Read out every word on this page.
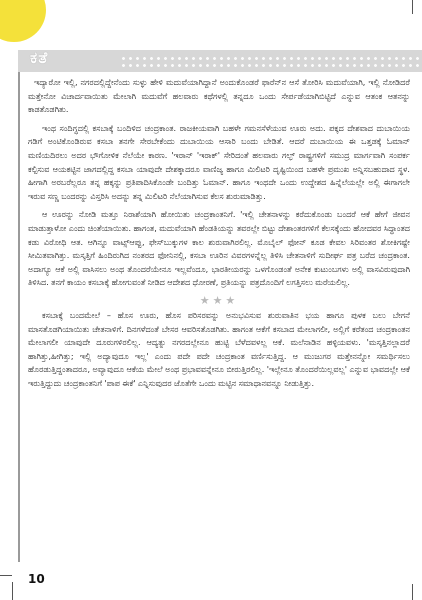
ಕತೆ

ಇದ್ಯಾರೋ ಇಲ್ಲಿ, ನಗರದಲ್ಲಿದ್ದೇನೆಂದು ಸುಳ್ಳು ಹೇಳಿ ಮದುವೆಯಾಗಿದ್ದಾನೆ ಅಂದುಕೊಂಡರೆ ಫಾರೆನ್‌ನ ಆಸೆ ತೋರಿಸಿ ಮದುವೆಯಾಗಿ, ಇಲ್ಲಿ ನೋಡಿದರೆ ಮತ್ತೇನೋ ವಿಚಾರ್ದವಾಯಿತು ಮೇಲಾಗಿ ಮದುವೆಗೆ ಹಲವಾರು ಕಥೆಗಳಲ್ಲಿ ತನ್ನದೂ ಒಂದು ಸೇರ್ಪಡೆಯಾಗಿಬಿಟ್ಟಿದೆ ಎನ್ನುವ ಆತಂಕ ಆತನನ್ನು ಕಾಡತೊಡಗಿತು.

ಇಂಥ ಸಂದಿಗ್ಧದಲ್ಲಿ ಕಸಬಾಕ್ಕೆ ಬಂದಿಳಿದ ಚಂದ್ರಕಾಂತ. ರಾಜಕೀಯವಾಗಿ ಬಹಳೇ ಗಮನಸೆಳೆಯುವ ಊರು ಅದು. ಪಕ್ಕದ ದೇಶವಾದ ದುಬಾಯಿಯ ಗಡಿಗೆ ಅಂಟಿಕೊಂಡಿರುವ ಕಸಬಾ ತನಗೇ ಸೇರಬೇಕೆಂದು ದುಬಾಯಿಯ ಆಸಾರಿ ಬಂದು ಬೇಡಿತೆ. ಆದರೆ ದುಬಾಯಿಯ ಈ ಒತ್ತಡಕ್ಕೆ ಓಮಾನ್ ಮಣಿಯದಿರಲು ಅದರ ಭೌಗೋಳಿಕ ನೆಲೆಯೇ ಕಾರಣ. 'ಇರಾನ್ 'ಇರಾಕ್' ಸೇರಿದಂತೆ ಹಲವಾರು ಗಲ್ಫ್ ರಾಷ್ಟ್ರಗಳಿಗೆ ಸಮುದ್ರ ಮಾರ್ಗವಾಗಿ ಸಂಪರ್ಕ ಕಲ್ಪಿಸುವ ಆಯಕಟ್ಟಿನ ಜಾಗದಲ್ಲಿದ್ದ ಕಸಬಾ ಯಾವುದೇ ದೇಶಕ್ಕಾದರೂ ವಾಣಿಜ್ಯ ಹಾಗೂ ಮಿಲಿಟರಿ ದೃಷ್ಟಿಯಿಂದ ಬಹಳೇ ಪ್ರಮುಖ ಅನ್ನಿಸಬಹುದಾದ ಸ್ಥಳ. ಹೀಗಾಗಿ ಅರಬರೆಲ್ಲರೂ ತನ್ನ ಹಕ್ಕನ್ನು ಪ್ರತಿಪಾದಿಸಿಕೊಂಡೇ ಬಂದಿತ್ತು ಓಮಾನ್. ಹಾಗೂ ಇಂಥದೇ ಒಂದು ಉದ್ದೇಶದ ಹಿನ್ನೆಲೆಯಲ್ಲೇ ಅಲ್ಲಿ ಈಗಾಗಲೇ ಇರುವ ಸಣ್ಣ ಬಂದರನ್ನು ವಿಸ್ತರಿಸಿ ಅದನ್ನು ತನ್ನ ಮಿಲಿಟರಿ ನೆಲೆಯಾಗಿಸುವ ಕೆಲಸ ಶುರುಮಾಡಿತ್ತು.

ಆ ಊರನ್ನು ನೋಡಿ ಮತ್ತೂ ನಿರಾಶೆಯಾಗಿ ಹೋಯಿತು ಚಂದ್ರಕಾಂತನಿಗೆ. 'ಇಲ್ಲಿ ಚೇತನಾಳನ್ನು ಕರೆದುಕೊಂಡು ಬಂದರೆ ಆಕೆ ಹೇಗೆ ಜೀವನ ಮಾಡುತ್ತಾಳೋ ಎಂದು ಚಿಂತೆಯಾಯಿತು. ಹಾಗಂತ, ಮದುವೆಯಾಗಿ ಹೆಂಡತಿಯನ್ನು ತವರಲ್ಲೇ ಬಿಟ್ಟು ದೇಶಾಂತರಗಳಿಗೆ ಕೆಲಸಕ್ಕೆಂದು ಹೋದವರ ಸಿದ್ಧಾಂತದ ಕಡು ವಿರೋಧಿ ಆತ. ಆಗಿನ್ನೂ ವಾಟ್ಸ್‌ಆಪ್ಪು, ಫೇಸ್‌ಬುಕ್ಕುಗಳ ಕಾಲ ಶುರುವಾಗಿರಲಿಲ್ಲ. ಮೊಬೈಲ್ ಫೋನ್ ಕೂಡ ಕೇವಲ ಸಿರಿವಂತರ ಶೋಕಿಗಷ್ಟೇ ಸೀಮಿತವಾಗಿತ್ತು. ಮಸ್ಕತ್ತಿಗೆ ಹಿಂದಿರುಗಿದ ನಂತರದ ಫೋನಿನಲ್ಲಿ, ಕಸಬಾ ಊರಿನ ವಿವರಗಳನ್ನೆಲ್ಲ ತಿಳಿಸಿ ಚೇತನಾಳಿಗೆ ಸುದೀರ್ಘ ಪತ್ರ ಬರೆದ ಚಂದ್ರಕಾಂತ. ಅದಾಗ್ಯೂ ಆಕೆ ಅಲ್ಲಿ ವಾಸಿಸಲು ಅಂಥ ತೊಂದರೆಯೇನೂ ಇಲ್ಲವೆಂದೂ, ಭಾರತೀಯರನ್ನು ಒಳಗೊಂಡಂತೆ ಅನೇಕ ಕುಟುಂಬಗಳು ಅಲ್ಲಿ ವಾಸವಿರುವುದಾಗಿ ತಿಳಿಸಿದ. ತನಗೆ ಕಾಯಂ ಕಸಬಾಕ್ಕೆ ಹೋಗುವಂತೆ ನೀಡಿದ ಆದೇಶದ ಧೋರಣೆ, ಪ್ರತಿಯನ್ನು ಪತ್ರದೊಂದಿಗೆ ಲಗತ್ತಿಸಲು ಮರೆಯಲಿಲ್ಲ.

★★★

ಕಸಬಾಕ್ಕೆ ಬಂದಮೇಲೆ – ಹೊಸ ಊರು, ಹೊಸ ಪರಿಸರವನ್ನು ಅನುಭವಿಸುವ ಶುರುವಾತಿನ ಭಯ ಹಾಗೂ ಪುಳಕ ಬಲು ಬೇಗನೆ ಮಾಸತೊಡಗಿಯಾಯಿತು ಚೇತನಾಳಿಗೆ. ದಿನಗಳೆದಂತೆ ಬೇಸರ ಆವರಿಸತೊಡಗಿತು. ಹಾಗಂತ ಆಕೆಗೆ ಕಸಬಾದ ಮೇಲಾಗಲೀ, ಅಲ್ಲಿಗೆ ಕರೆತಂದ ಚಂದ್ರಕಾಂತನ ಮೇಲಾಗಲೀ ಯಾವುದೇ ದೂರುಗಳಿರಲಿಲ್ಲ. ಆದ್ಯತ್ನು ನಗರದಲ್ಲೇನೂ ಹುಟ್ಟಿ ಬೆಳೆದವಳಲ್ಲ ಆಕೆ. ಮಲೆನಾಡಿನ ಹಳ್ಳಿಯವಳು. 'ಮಸ್ಕತ್ತಿನಲ್ಲಾದರೆ ಹಾಗಿತ್ತು,ಹೀಗಿತ್ತು; ಇಲ್ಲಿ ಅದ್ಯಾವುದೂ ಇಲ್ಲ' ಎಂದು ಪದೇ ಪದೇ ಚಂದ್ರಕಾಂತ ವರ್ಣಿಸುತ್ತಿದ್ದ. ಆ ಮುಜುಗರ ಮತ್ತೇನನ್ನೋ ಸಮರ್ಥಿಸಲು ಹೊರಡುತ್ತಿದ್ದಂತಾದರೂ, ಅವ್ಯಾವುದೂ ಆಕೆಯ ಮೇಲೆ ಅಂಥ ಪ್ರಭಾವವನ್ನೇನೂ ಬೀರುತ್ತಿರಲಿಲ್ಲ. 'ಇಲ್ಲೇನೂ ತೊಂದರೆಯಿಲ್ಲವಲ್ಲ' ಎನ್ನುವ ಭಾವದಲ್ಲೇ ಆಕೆ ಇರುತ್ತಿದ್ದುದು ಚಂದ್ರಕಾಂತನಿಗೆ 'ಪಾಪ ಈಕೆ' ಎನ್ನಿಸುವುದರ ಜೊತೆಗೇ ಒಂದು ಮಟ್ಟಿನ ಸಮಾಧಾನವನ್ನೂ ನೀಡುತ್ತಿತ್ತು.

10
